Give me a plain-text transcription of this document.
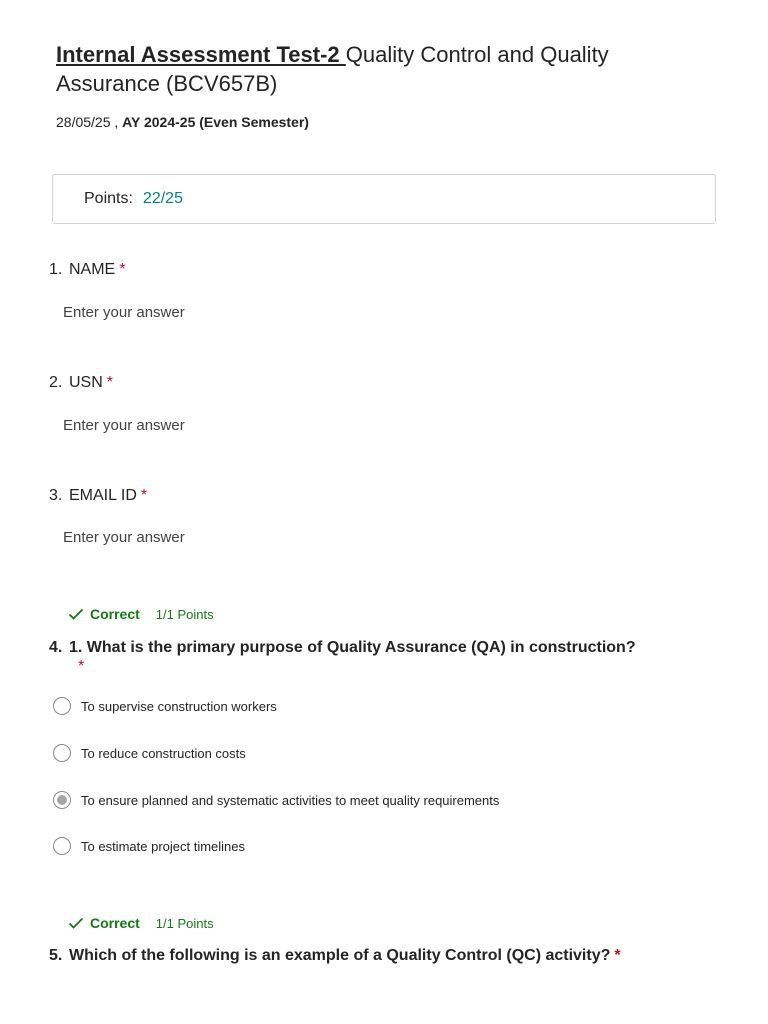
Internal Assessment Test-2 Quality Control and Quality Assurance (BCV657B)
28/05/25 , AY 2024-25 (Even Semester)
Points: 22/25
1. NAME *
Enter your answer
2. USN *
Enter your answer
3. EMAIL ID *
Enter your answer
Correct 1/1 Points
4. 1. What is the primary purpose of Quality Assurance (QA) in construction?
*
To supervise construction workers
To reduce construction costs
To ensure planned and systematic activities to meet quality requirements
To estimate project timelines
Correct 1/1 Points
5. Which of the following is an example of a Quality Control (QC) activity? *
